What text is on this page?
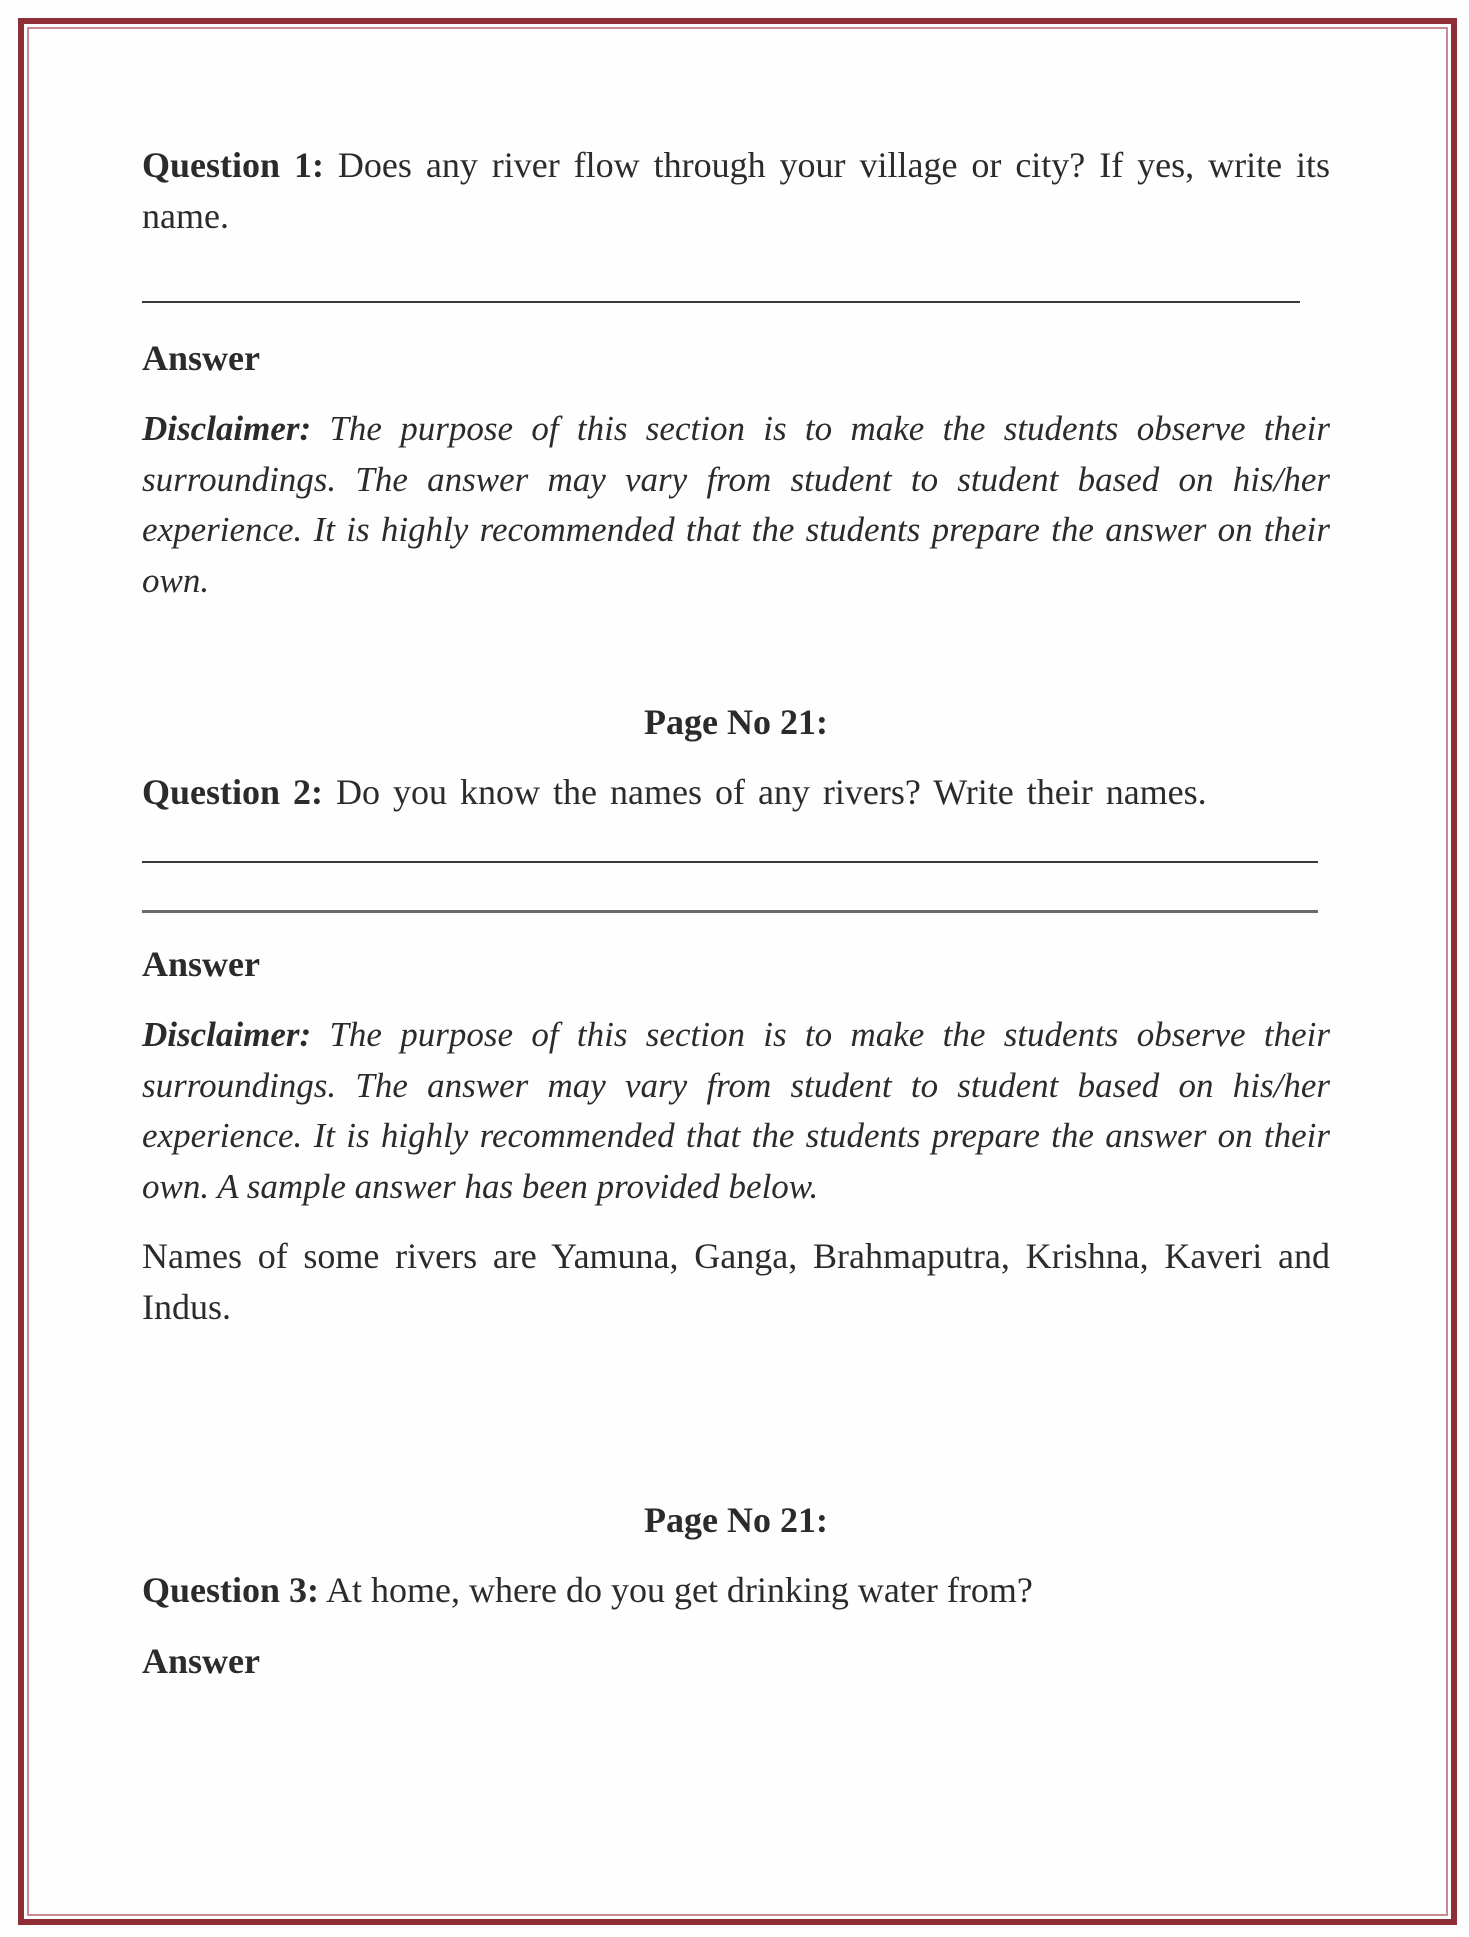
Question 1: Does any river flow through your village or city? If yes, write its name.
Answer
Disclaimer: The purpose of this section is to make the students observe their surroundings. The answer may vary from student to student based on his/her experience. It is highly recommended that the students prepare the answer on their own.
Page No 21:
Question 2: Do you know the names of any rivers? Write their names.
Answer
Disclaimer: The purpose of this section is to make the students observe their surroundings. The answer may vary from student to student based on his/her experience. It is highly recommended that the students prepare the answer on their own. A sample answer has been provided below.
Names of some rivers are Yamuna, Ganga, Brahmaputra, Krishna, Kaveri and Indus.
Page No 21:
Question 3: At home, where do you get drinking water from?
Answer
